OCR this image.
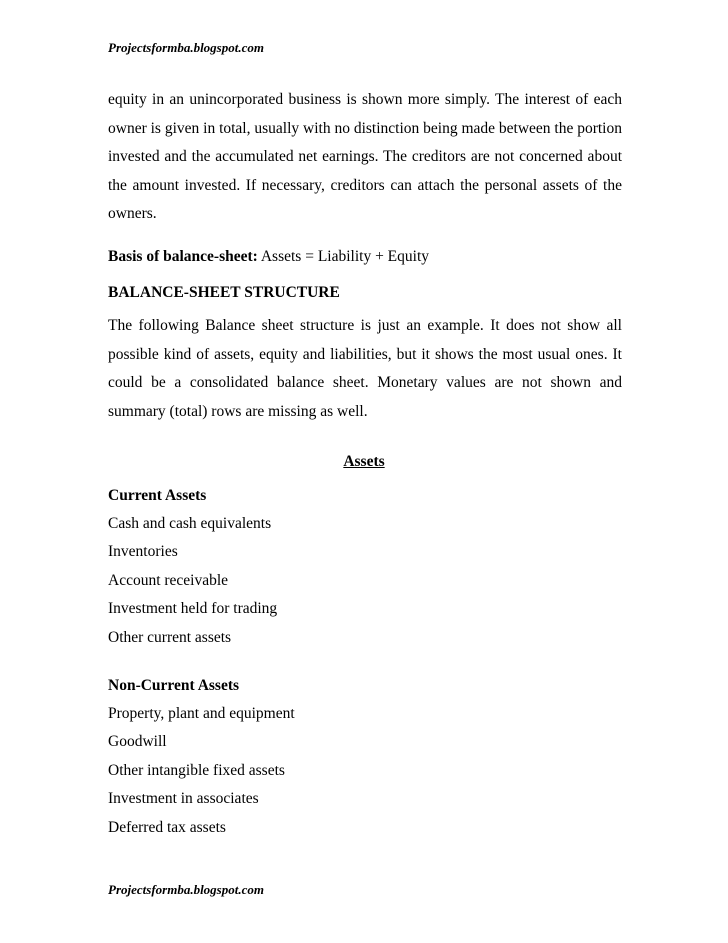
Projectsformba.blogspot.com

equity in an unincorporated business is shown more simply. The interest of each owner is given in total, usually with no distinction being made between the portion invested and the accumulated net earnings. The creditors are not concerned about the amount invested. If necessary, creditors can attach the personal assets of the owners.

Basis of balance-sheet: Assets = Liability + Equity
BALANCE-SHEET STRUCTURE

The following Balance sheet structure is just an example. It does not show all possible kind of assets, equity and liabilities, but it shows the most usual ones. It could be a consolidated balance sheet. Monetary values are not shown and summary (total) rows are missing as well.

Assets
Current Assets
Cash and cash equivalents
Inventories
Account receivable
Investment held for trading
Other current assets
Non-Current Assets
Property, plant and equipment
Goodwill
Other intangible fixed assets
Investment in associates
Deferred tax assets
Projectsformba.blogspot.com
